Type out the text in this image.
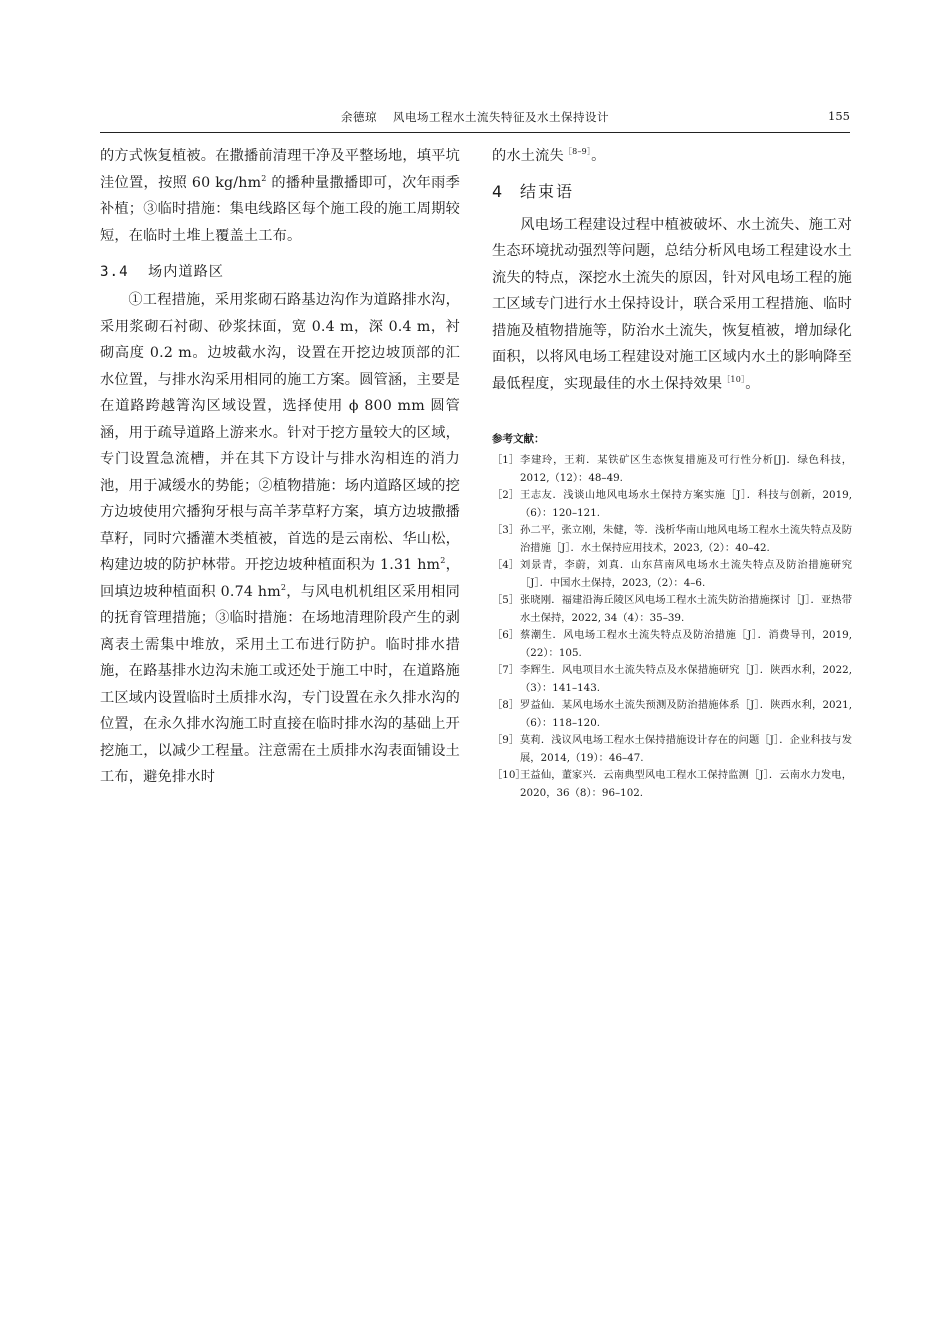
余德琼 风电场工程水土流失特征及水土保持设计	155

的方式恢复植被。在撒播前清理干净及平整场地，填平坑洼位置，按照 60 $kg/hm^2$ 的播种量撒播即可，次年雨季补植；③临时措施：集电线路区每个施工段的施工周期较短，在临时土堆上覆盖土工布。

3.4 场内道路区

①工程措施，采用浆砌石路基边沟作为道路排水沟，采用浆砌石衬砌、砂浆抹面，宽 0.4 m，深 0.4 m，衬砌高度 0.2 m。边坡截水沟，设置在开挖边坡顶部的汇水位置，与排水沟采用相同的施工方案。圆管涵，主要是在道路跨越箐沟区域设置，选择使用 ϕ 800 mm 圆管涵，用于疏导道路上游来水。针对于挖方量较大的区域，专门设置急流槽，并在其下方设计与排水沟相连的消力池，用于减缓水的势能；②植物措施：场内道路区域的挖方边坡使用穴播狗牙根与高羊茅草籽方案，填方边坡撒播草籽，同时穴播灌木类植被，首选的是云南松、华山松，构建边坡的防护林带。开挖边坡种植面积为 1.31 $hm^2$，回填边坡种植面积 0.74 $hm^2$，与风电机机组区采用相同的抚育管理措施；③临时措施：在场地清理阶段产生的剥离表土需集中堆放，采用土工布进行防护。临时排水措施，在路基排水边沟未施工或还处于施工中时，在道路施工区域内设置临时土质排水沟，专门设置在永久排水沟的位置，在永久排水沟施工时直接在临时排水沟的基础上开挖施工，以减少工程量。注意需在土质排水沟表面铺设土工布，避免排水时

的水土流失$^{[8-9]}$。

4 结束语

风电场工程建设过程中植被破坏、水土流失、施工对生态环境扰动强烈等问题，总结分析风电场工程建设水土流失的特点，深挖水土流失的原因，针对风电场工程的施工区域专门进行水土保持设计，联合采用工程措施、临时措施及植物措施等，防治水土流失，恢复植被，增加绿化面积，以将风电场工程建设对施工区域内水土的影响降至最低程度，实现最佳的水土保持效果$^{[10]}$。

参考文献：
［1］ 李建玲，王莉．某铁矿区生态恢复措施及可行性分析[J]．绿色科技，2012,（12）：48–49.
［2］ 王志友．浅谈山地风电场水土保持方案实施［J］．科技与创新，2019,（6）：120–121.
［3］ 孙二平，张立刚，朱健，等．浅析华南山地风电场工程水土流失特点及防治措施［J］．水土保持应用技术，2023,（2）：40–42.
［4］ 刘景青，李蔚，刘真．山东莒南风电场水土流失特点及防治措施研究［J］．中国水土保持，2023,（2）：4–6.
［5］ 张晓刚．福建沿海丘陵区风电场工程水土流失防治措施探讨［J］．亚热带水土保持，2022, 34（4）：35–39.
［6］ 蔡潮生．风电场工程水土流失特点及防治措施［J］．消费导刊，2019,（22）：105.
［7］ 李辉生．风电项目水土流失特点及水保措施研究［J］．陕西水利，2022,（3）：141–143.
［8］ 罗益仙．某风电场水土流失预测及防治措施体系［J］．陕西水利，2021,（6）：118–120.
［9］ 莫莉．浅议风电场工程水土保持措施设计存在的问题［J］．企业科技与发展，2014,（19）：46–47.
［10］
王益仙，董家兴．云南典型风电工程水工保持监测［J］．云南水力发电，2020，36（8）：96–102.
